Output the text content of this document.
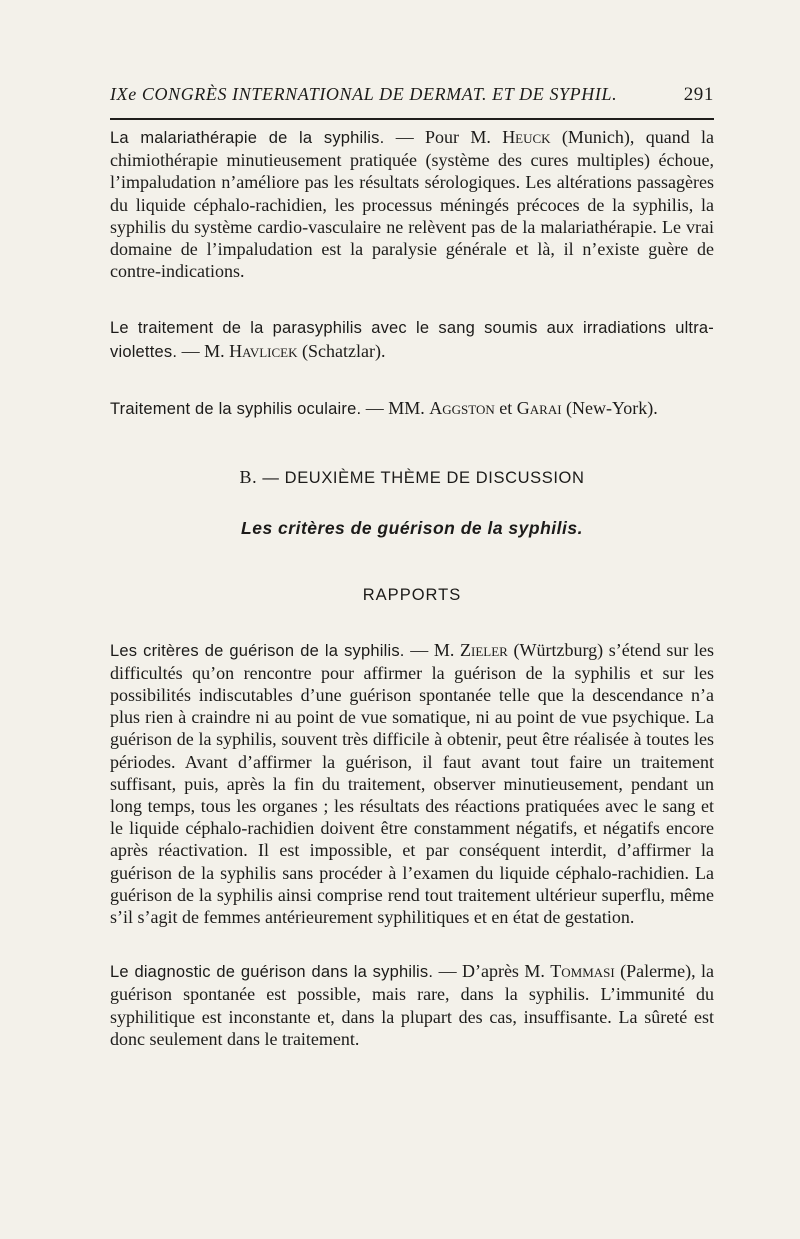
IXe CONGRÈS INTERNATIONAL DE DERMAT. ET DE SYPHIL.	291

La malariathérapie de la syphilis. — Pour M. Heuck (Munich), quand la chimiothérapie minutieusement pratiquée (système des cures multiples) échoue, l’impaludation n’améliore pas les résultats sérologiques. Les altérations passagères du liquide céphalo-rachidien, les processus méningés précoces de la syphilis, la syphilis du système cardio-vasculaire ne relèvent pas de la malariathérapie. Le vrai domaine de l’impaludation est la paralysie générale et là, il n’existe guère de contre-indications.

Le traitement de la parasyphilis avec le sang soumis aux irradiations ultra-violettes. — M. Havlicek (Schatzlar).

Traitement de la syphilis oculaire. — MM. Aggston et Garai (New-York).

B. — DEUXIÈME THÈME DE DISCUSSION

Les critères de guérison de la syphilis.

RAPPORTS

Les critères de guérison de la syphilis. — M. Zieler (Würtzburg) s’étend sur les difficultés qu’on rencontre pour affirmer la guérison de la syphilis et sur les possibilités indiscutables d’une guérison spontanée telle que la descendance n’a plus rien à craindre ni au point de vue somatique, ni au point de vue psychique. La guérison de la syphilis, souvent très difficile à obtenir, peut être réalisée à toutes les périodes. Avant d’affirmer la guérison, il faut avant tout faire un traitement suffisant, puis, après la fin du traitement, observer minutieusement, pendant un long temps, tous les organes ; les résultats des réactions pratiquées avec le sang et le liquide céphalo-rachidien doivent être constamment négatifs, et négatifs encore après réactivation. Il est impossible, et par conséquent interdit, d’affirmer la guérison de la syphilis sans procéder à l’examen du liquide céphalo-rachidien. La guérison de la syphilis ainsi comprise rend tout traitement ultérieur superflu, même s’il s’agit de femmes antérieurement syphilitiques et en état de gestation.

Le diagnostic de guérison dans la syphilis. — D’après M. Tommasi (Palerme), la guérison spontanée est possible, mais rare, dans la syphilis. L’immunité du syphilitique est inconstante et, dans la plupart des cas, insuffisante. La sûreté est donc seulement dans le traitement.
